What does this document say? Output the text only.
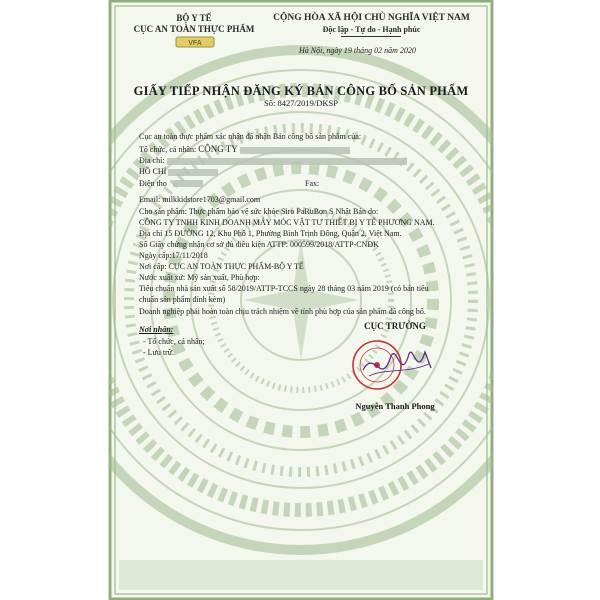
BỘ Y TẾ
CỤC AN TOÀN THỰC PHẨM
VFA
CỘNG HÒA XÃ HỘI CHỦ NGHĨA VIỆT NAM
Độc lập - Tự do - Hạnh phúc
Hà Nội, ngày 19 tháng 02 năm 2020
GIẤY TIẾP NHẬN ĐĂNG KÝ BẢN CÔNG BỐ SẢN PHẨM
Số: 8427/2019/DKSP
Cục an toàn thực phẩm xác nhận đã nhận Bản công bố sản phẩm của:
Tổ chức, cá nhân: CÔNG TY
Địa chỉ:
HỒ CHÍ
Điện tho	Fax:
Email: milkkidstore1703@gmail.com
Cho sản phẩm: Thực phẩm bảo vệ sức khỏe Siro PaRuBon S Nhật Bản do:
CÔNG TY TNHH KINH DOANH MÁY MÓC VẬT TƯ THIẾT BỊ Y TẾ PHƯƠNG NAM.
Địa chỉ 15 ĐƯỜNG 12, Khu Phố 1, Phường Bình Trịnh Đông, Quận 2, Việt Nam.
Số Giấy chứng nhận cơ sở đủ điều kiện ATTP: 000599/2018/ATTP-CNĐK
Ngày cấp:17/11/2018
Nơi cấp: CỤC AN TOÀN THỰC PHẨM-BỘ Y TẾ
Nước xuất xứ: Mỹ sản xuất, Phù hợp:
Tiêu chuẩn nhà sản xuất số 58/2019/ATTP-TCCS ngày 28 tháng 03 năm 2019 (có bản tiêu
chuẩn sản phẩm đính kèm)
Doanh nghiệp phải hoàn toàn chịu trách nhiệm về tính phù hợp của sản phẩm đã công bố.
Nơi nhận:
- Tổ chức, cá nhân;
- Lưu trữ.
CỤC TRƯỞNG
Nguyễn Thanh Phong
